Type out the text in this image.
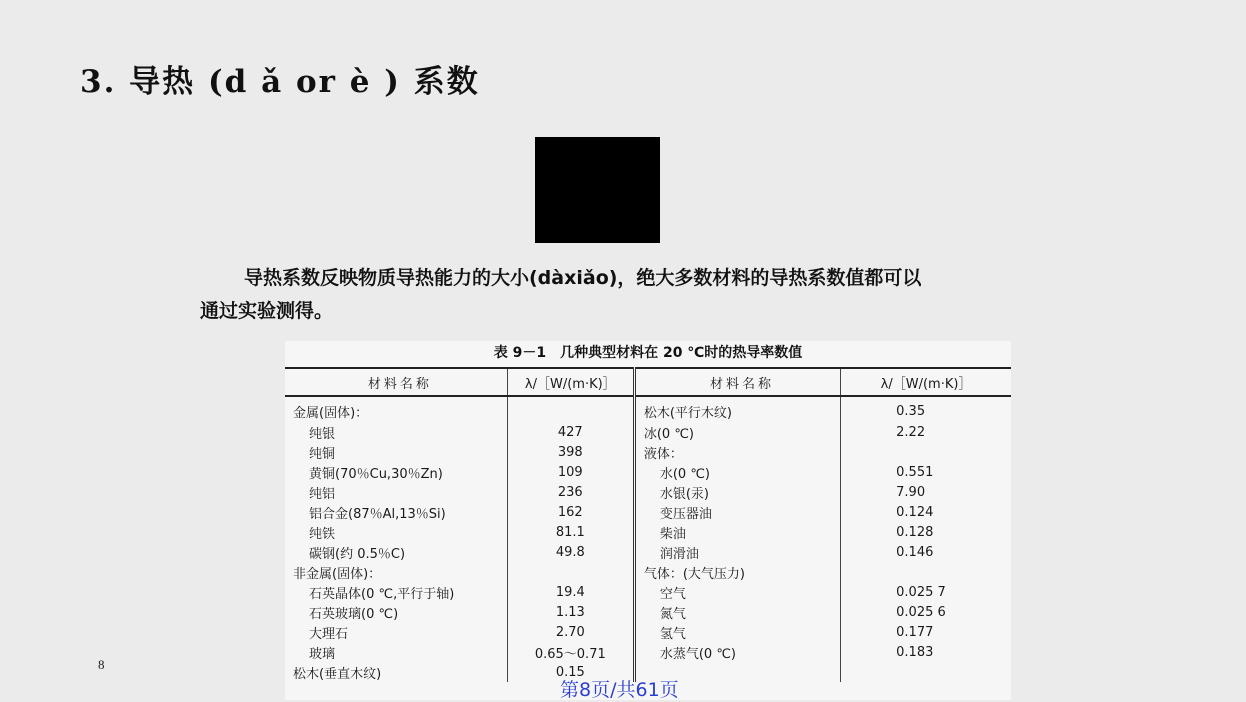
3. 导热 (d ǎ or è ) 系数
导热系数反映物质导热能力的大小(dàxiǎo)，绝大多数材料的导热系数值都可以
通过实验测得。
表 9－1　几种典型材料在 20 ℃时的热导率数值
材料名称	λ/［W/(m·K)］	材料名称	λ/［W/(m·K)］
金属(固体)：		松木(平行木纹)	0.35
纯银	427	冰(0 ℃)	2.22
纯铜	398	液体：	
黄铜(70％Cu,30％Zn)	109	水(0 ℃)	0.551
纯铝	236	水银(汞)	7.90
铝合金(87％Al,13％Si)	162	变压器油	0.124
纯铁	81.1	柴油	0.128
碳钢(约 0.5％C)	49.8	润滑油	0.146
非金属(固体)：		气体：(大气压力)	
石英晶体(0 ℃,平行于轴)	19.4	空气	0.025 7
石英玻璃(0 ℃)	1.13	氮气	0.025 6
大理石	2.70	氢气	0.177
玻璃	0.65～0.71	水蒸气(0 ℃)	0.183
松木(垂直木纹)	0.15		
8
第8页/共61页
